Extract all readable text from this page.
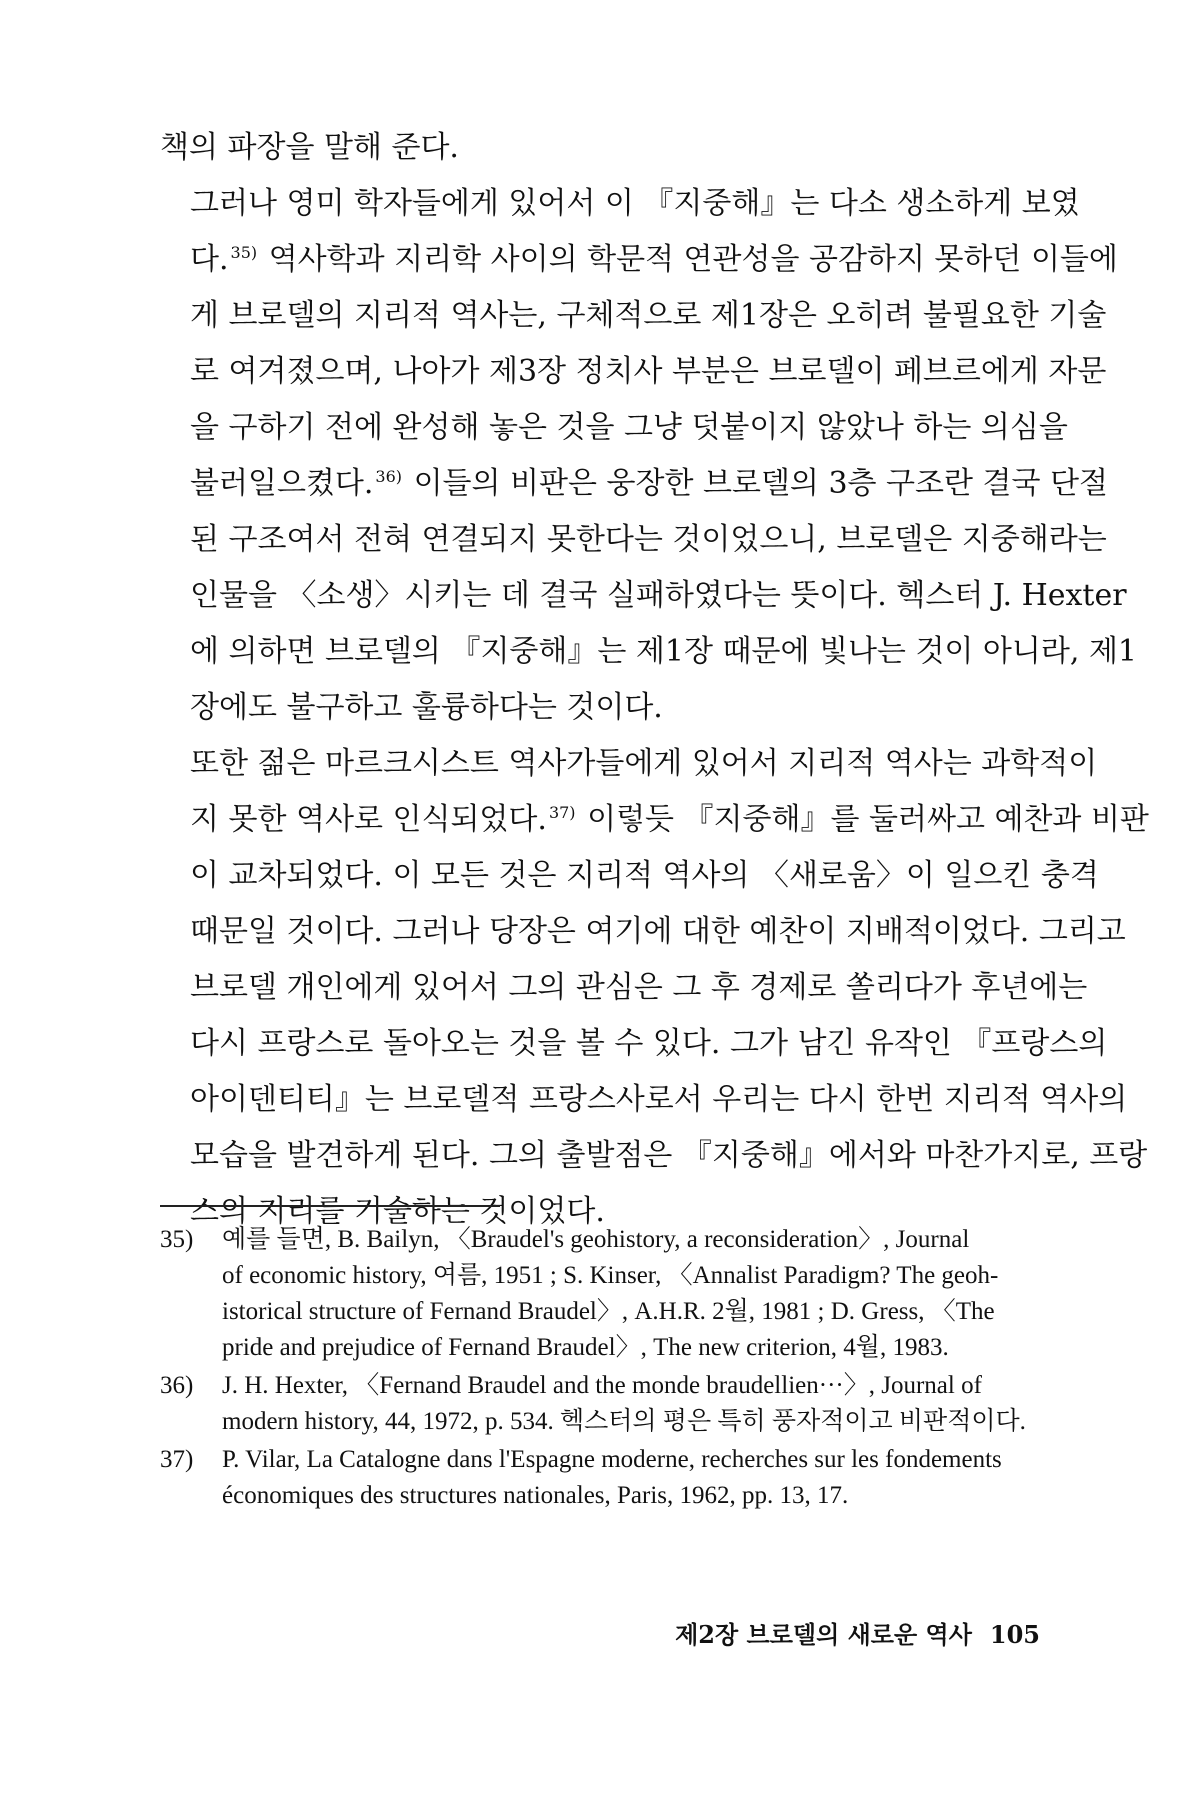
책의 파장을 말해 준다.

그러나 영미 학자들에게 있어서 이 『지중해』는 다소 생소하게 보였
다. $^{35)}$ 역사학과 지리학 사이의 학문적 연관성을 공감하지 못하던 이들에
게 브로델의 지리적 역사는, 구체적으로 제1장은 오히려 불필요한 기술
로 여겨졌으며, 나아가 제3장 정치사 부분은 브로델이 페브르에게 자문
을 구하기 전에 완성해 놓은 것을 그냥 덧붙이지 않았나 하는 의심을
불러일으켰다. $^{36)}$ 이들의 비판은 웅장한 브로델의 3층 구조란 결국 단절
된 구조여서 전혀 연결되지 못한다는 것이었으니, 브로델은 지중해라는
인물을 〈소생〉시키는 데 결국 실패하였다는 뜻이다. 헥스터 J. Hexter
에 의하면 브로델의 『지중해』는 제1장 때문에 빛나는 것이 아니라, 제1
장에도 불구하고 훌륭하다는 것이다.

또한 젊은 마르크시스트 역사가들에게 있어서 지리적 역사는 과학적이
지 못한 역사로 인식되었다. $^{37)}$ 이렇듯 『지중해』를 둘러싸고 예찬과 비판
이 교차되었다. 이 모든 것은 지리적 역사의 〈새로움〉이 일으킨 충격
때문일 것이다. 그러나 당장은 여기에 대한 예찬이 지배적이었다. 그리고
브로델 개인에게 있어서 그의 관심은 그 후 경제로 쏠리다가 후년에는
다시 프랑스로 돌아오는 것을 볼 수 있다. 그가 남긴 유작인 『프랑스의
아이덴티티』는 브로델적 프랑스사로서 우리는 다시 한번 지리적 역사의
모습을 발견하게 된다. 그의 출발점은 『지중해』에서와 마찬가지로, 프랑
스의 지리를 기술하는 것이었다.

35) 예를 들면, B. Bailyn, 〈Braudel's geohistory, a reconsideration〉, Journal
of economic history, 여름, 1951 ; S. Kinser, 〈Annalist Paradigm? The geoh-
istorical structure of Fernand Braudel〉, A.H.R. 2월, 1981 ; D. Gress, 〈The
pride and prejudice of Fernand Braudel〉, The new criterion, 4월, 1983.
36) J. H. Hexter, 〈Fernand Braudel and the monde braudellien···〉, Journal of
modern history, 44, 1972, p. 534. 헥스터의 평은 특히 풍자적이고 비판적이다.
37) P. Vilar, La Catalogne dans l'Espagne moderne, recherches sur les fondements
économiques des structures nationales, Paris, 1962, pp. 13, 17.
제2장 브로델의 새로운 역사 105
